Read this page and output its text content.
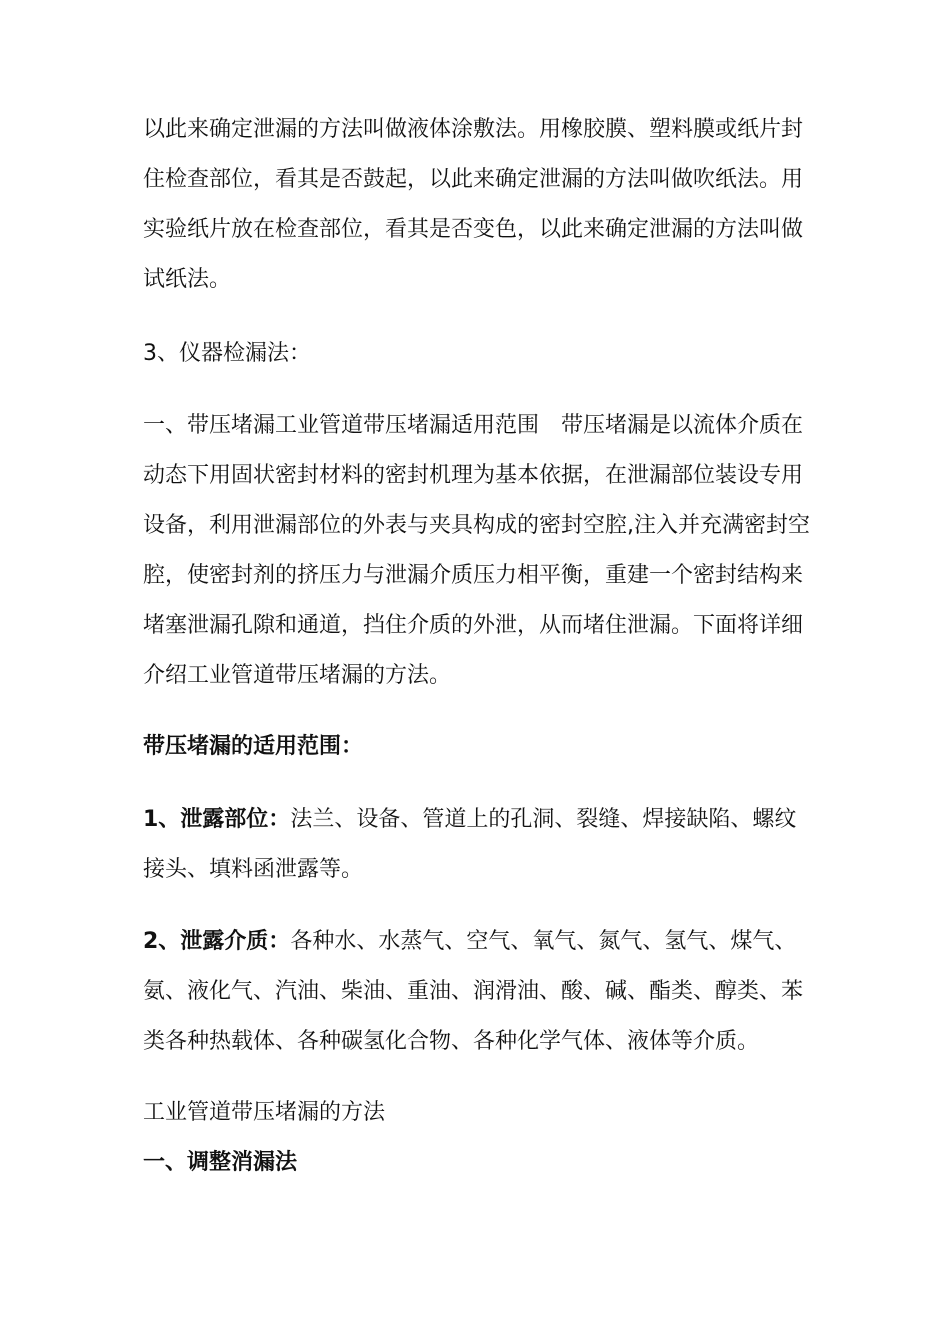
以此来确定泄漏的方法叫做液体涂敷法。用橡胶膜、塑料膜或纸片封住检查部位，看其是否鼓起，以此来确定泄漏的方法叫做吹纸法。用实验纸片放在检查部位，看其是否变色，以此来确定泄漏的方法叫做试纸法。

3、仪器检漏法：

一、带压堵漏工业管道带压堵漏适用范围　带压堵漏是以流体介质在动态下用固状密封材料的密封机理为基本依据，在泄漏部位装设专用设备，利用泄漏部位的外表与夹具构成的密封空腔,注入并充满密封空腔，使密封剂的挤压力与泄漏介质压力相平衡，重建一个密封结构来堵塞泄漏孔隙和通道，挡住介质的外泄，从而堵住泄漏。下面将详细介绍工业管道带压堵漏的方法。

带压堵漏的适用范围：

1、泄露部位：法兰、设备、管道上的孔洞、裂缝、焊接缺陷、螺纹接头、填料函泄露等。

2、泄露介质：各种水、水蒸气、空气、氧气、氮气、氢气、煤气、氨、液化气、汽油、柴油、重油、润滑油、酸、碱、酯类、醇类、苯类各种热载体、各种碳氢化合物、各种化学气体、液体等介质。

工业管道带压堵漏的方法

一、调整消漏法
